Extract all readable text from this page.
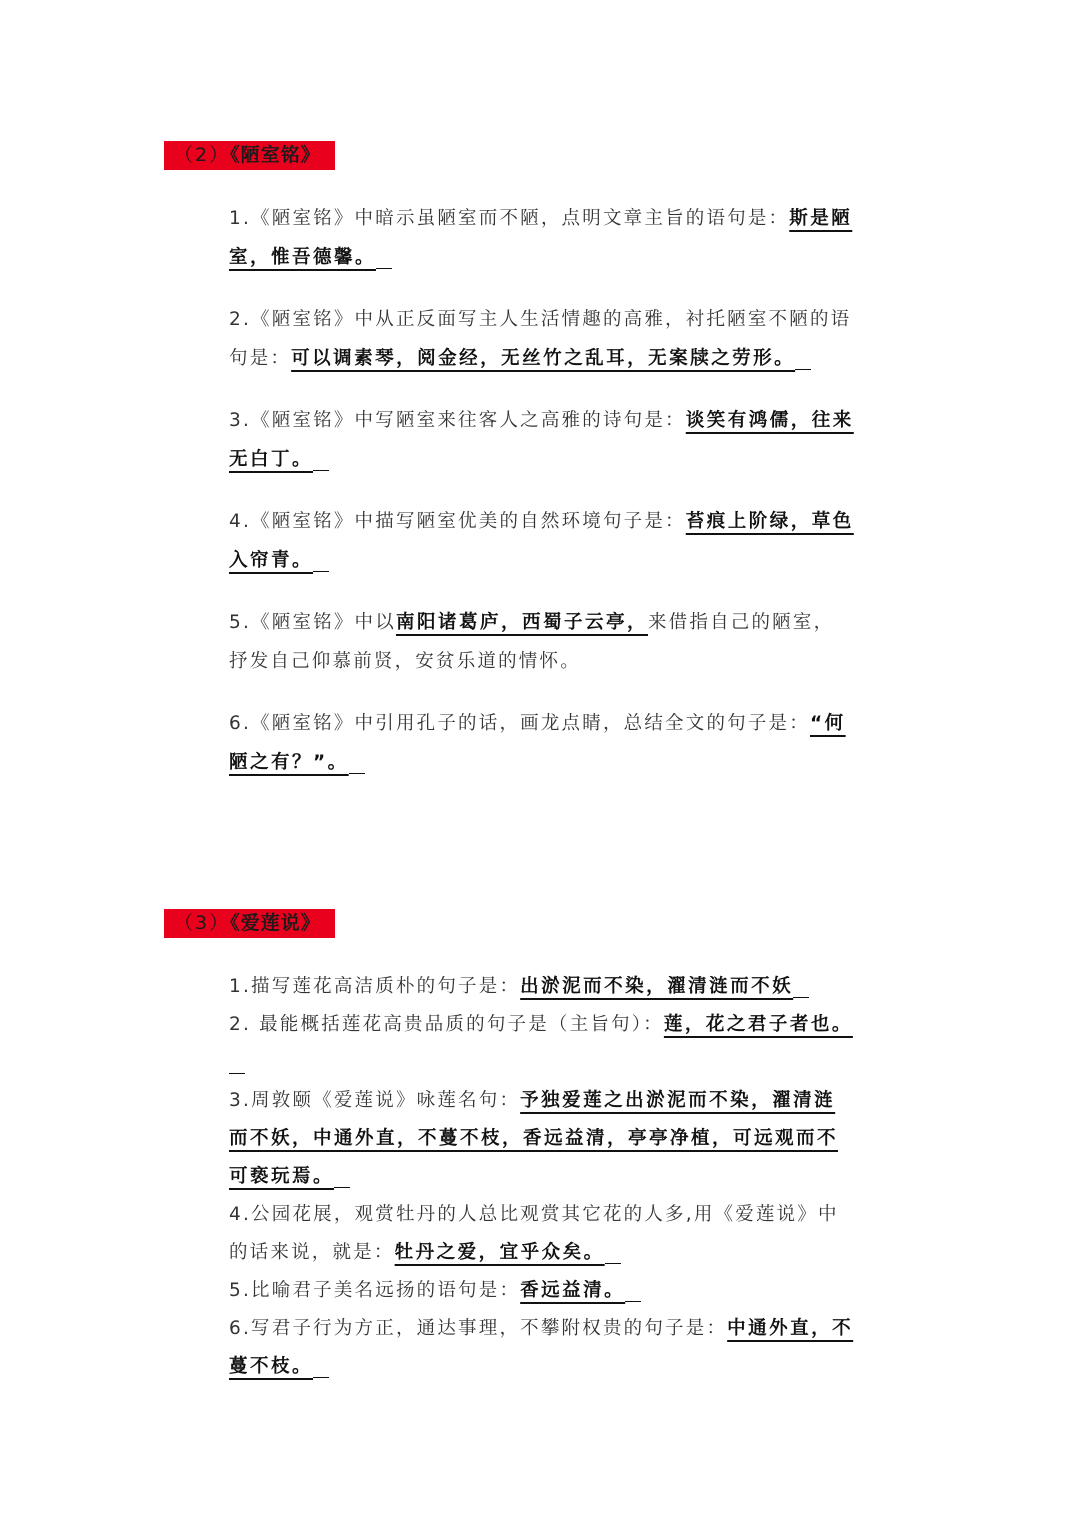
（2）《陋室铭》

1.《陋室铭》中暗示虽陋室而不陋，点明文章主旨的语句是：斯是陋室，惟吾德馨。

2.《陋室铭》中从正反面写主人生活情趣的高雅，衬托陋室不陋的语句是：可以调素琴，阅金经，无丝竹之乱耳，无案牍之劳形。

3.《陋室铭》中写陋室来往客人之高雅的诗句是：谈笑有鸿儒，往来无白丁。

4.《陋室铭》中描写陋室优美的自然环境句子是：苔痕上阶绿，草色入帘青。

5.《陋室铭》中以南阳诸葛庐，西蜀子云亭，来借指自己的陋室，抒发自己仰慕前贤，安贫乐道的情怀。

6.《陋室铭》中引用孔子的话，画龙点睛，总结全文的句子是：“何陋之有？”。

（3）《爱莲说》

1.描写莲花高洁质朴的句子是：出淤泥而不染，濯清涟而不妖

2. 最能概括莲花高贵品质的句子是（主旨句）：莲，花之君子者也。

3.周敦颐《爱莲说》咏莲名句：予独爱莲之出淤泥而不染，濯清涟而不妖，中通外直，不蔓不枝，香远益清，亭亭净植，可远观而不可亵玩焉。

4.公园花展，观赏牡丹的人总比观赏其它花的人多,用《爱莲说》中的话来说，就是：牡丹之爱，宜乎众矣。

5.比喻君子美名远扬的语句是：香远益清。

6.写君子行为方正，通达事理，不攀附权贵的句子是：中通外直，不蔓不枝。
